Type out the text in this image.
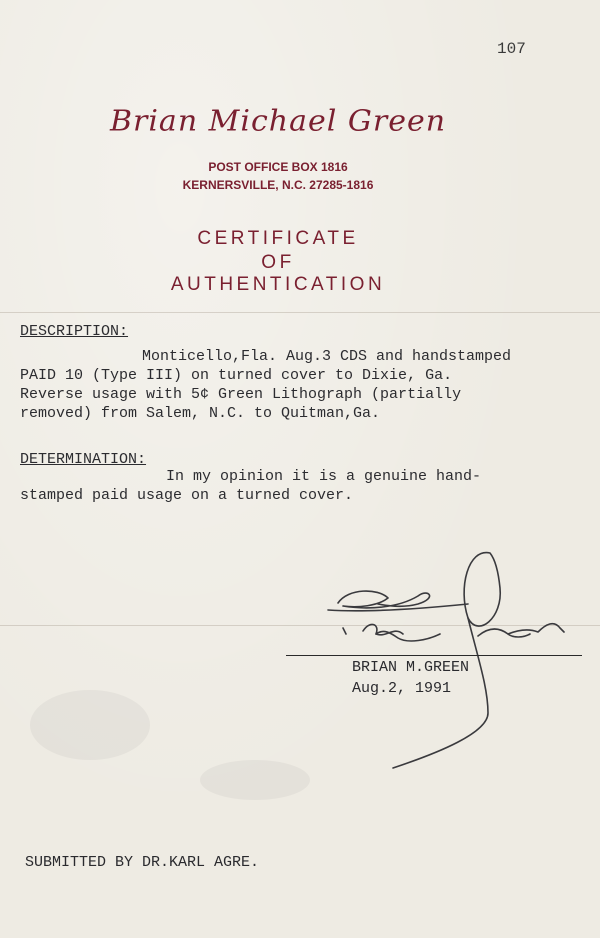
107
Brian Michael Green
POST OFFICE BOX 1816
KERNERSVILLE, N.C. 27285-1816
CERTIFICATE
OF
AUTHENTICATION
DESCRIPTION:
Monticello,Fla. Aug.3 CDS and handstamped
PAID 10 (Type III) on turned cover to Dixie, Ga.
Reverse usage with 5¢ Green Lithograph (partially
removed) from Salem, N.C. to Quitman,Ga.
DETERMINATION:
In my opinion it is a genuine hand-
stamped paid usage on a turned cover.
BRIAN M.GREEN
Aug.2, 1991
SUBMITTED BY DR.KARL AGRE.
